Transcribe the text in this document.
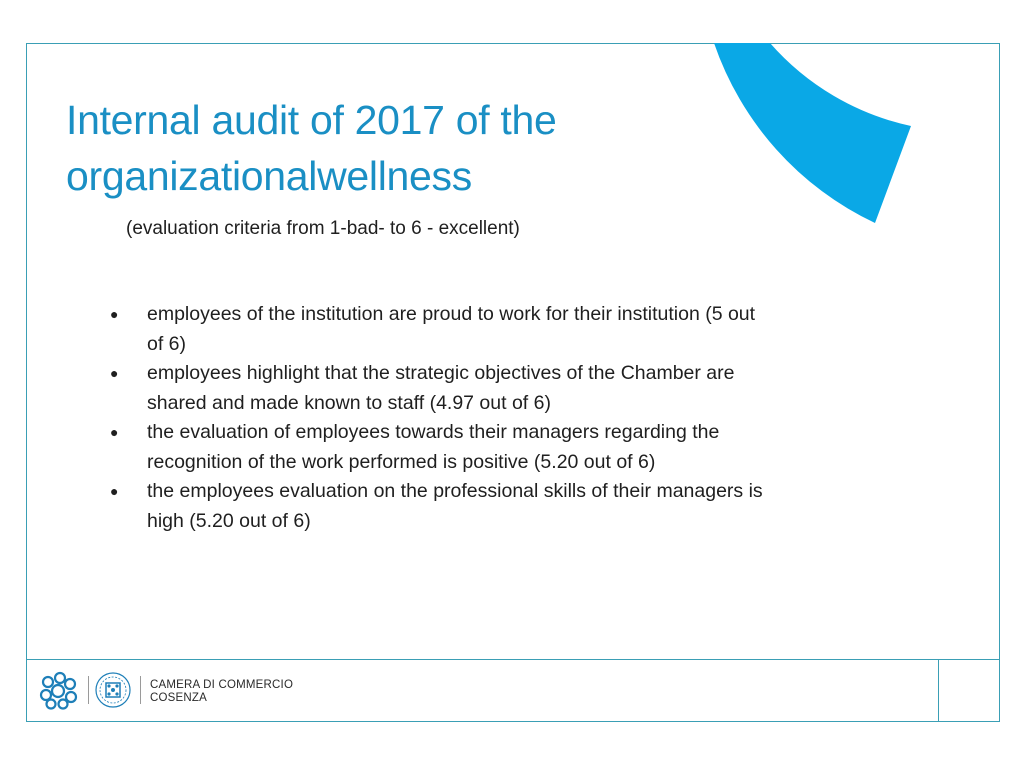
Internal audit of 2017 of the
organizationalwellness
(evaluation criteria from 1-bad- to 6 - excellent)
● employees of the institution are proud to work for their institution (5 out of 6)
● employees highlight that the strategic objectives of the Chamber are shared and made known to staff (4.97 out of 6)
● the evaluation of employees towards their managers regarding the recognition of the work performed is positive (5.20 out of 6)
● the employees evaluation on the professional skills of their managers is high (5.20 out of 6)
CAMERA DI COMMERCIO
COSENZA
